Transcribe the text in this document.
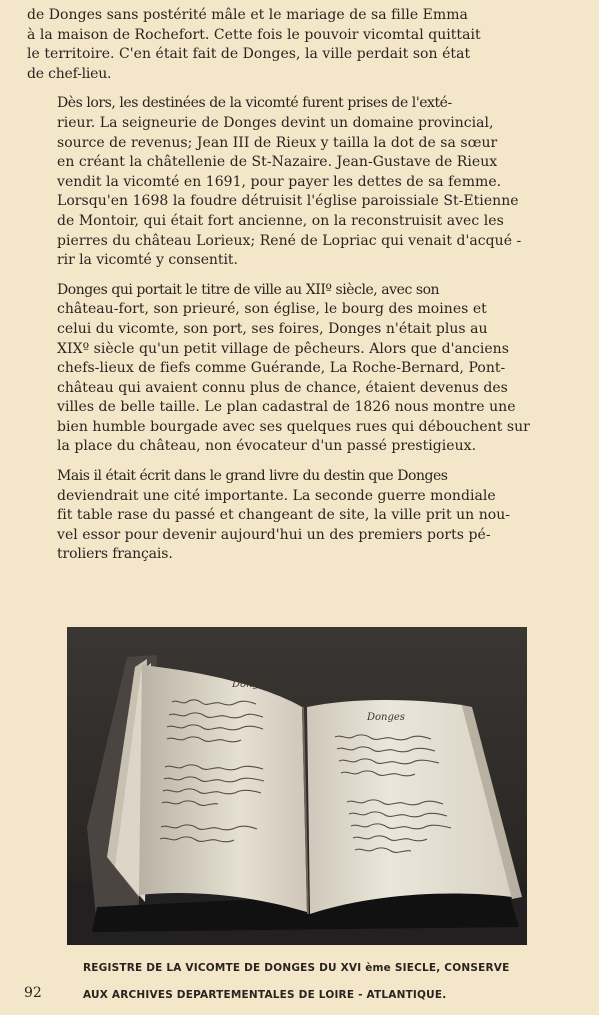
de Donges sans postérité mâle et le mariage de sa fille Emma
à la maison de Rochefort. Cette fois le pouvoir vicomtal quittait
le territoire. C'en était fait de Donges, la ville perdait son état
de chef-lieu.

Dès lors, les destinées de la vicomté furent prises de l'exté-
rieur. La seigneurie de Donges devint un domaine provincial,
source de revenus; Jean III de Rieux y tailla la dot de sa sœur
en créant la châtellenie de St-Nazaire. Jean-Gustave de Rieux
vendit la vicomté en 1691, pour payer les dettes de sa femme.
Lorsqu'en 1698 la foudre détruisit l'église paroissiale St-Etienne
de Montoir, qui était fort ancienne, on la reconstruisit avec les
pierres du château Lorieux; René de Lopriac qui venait d'acqué -
rir la vicomté y consentit.

Donges qui portait le titre de ville au XIIº siècle, avec son
château-fort, son prieuré, son église, le bourg des moines et
celui du vicomte, son port, ses foires, Donges n'était plus au
XIXº siècle qu'un petit village de pêcheurs. Alors que d'anciens
chefs-lieux de fiefs comme Guérande, La Roche-Bernard, Pont-
château qui avaient connu plus de chance, étaient devenus des
villes de belle taille. Le plan cadastral de 1826 nous montre une
bien humble bourgade avec ses quelques rues qui débouchent sur
la place du château, non évocateur d'un passé prestigieux.

Mais il était écrit dans le grand livre du destin que Donges
deviendrait une cité importante. La seconde guerre mondiale
fit table rase du passé et changeant de site, la ville prit un nou-
vel essor pour devenir aujourd'hui un des premiers ports pé-
troliers français.

Donges
Donges
REGISTRE DE LA VICOMTE DE DONGES DU XVI ème SIECLE, CONSERVE
92	AUX ARCHIVES DEPARTEMENTALES DE LOIRE - ATLANTIQUE.
